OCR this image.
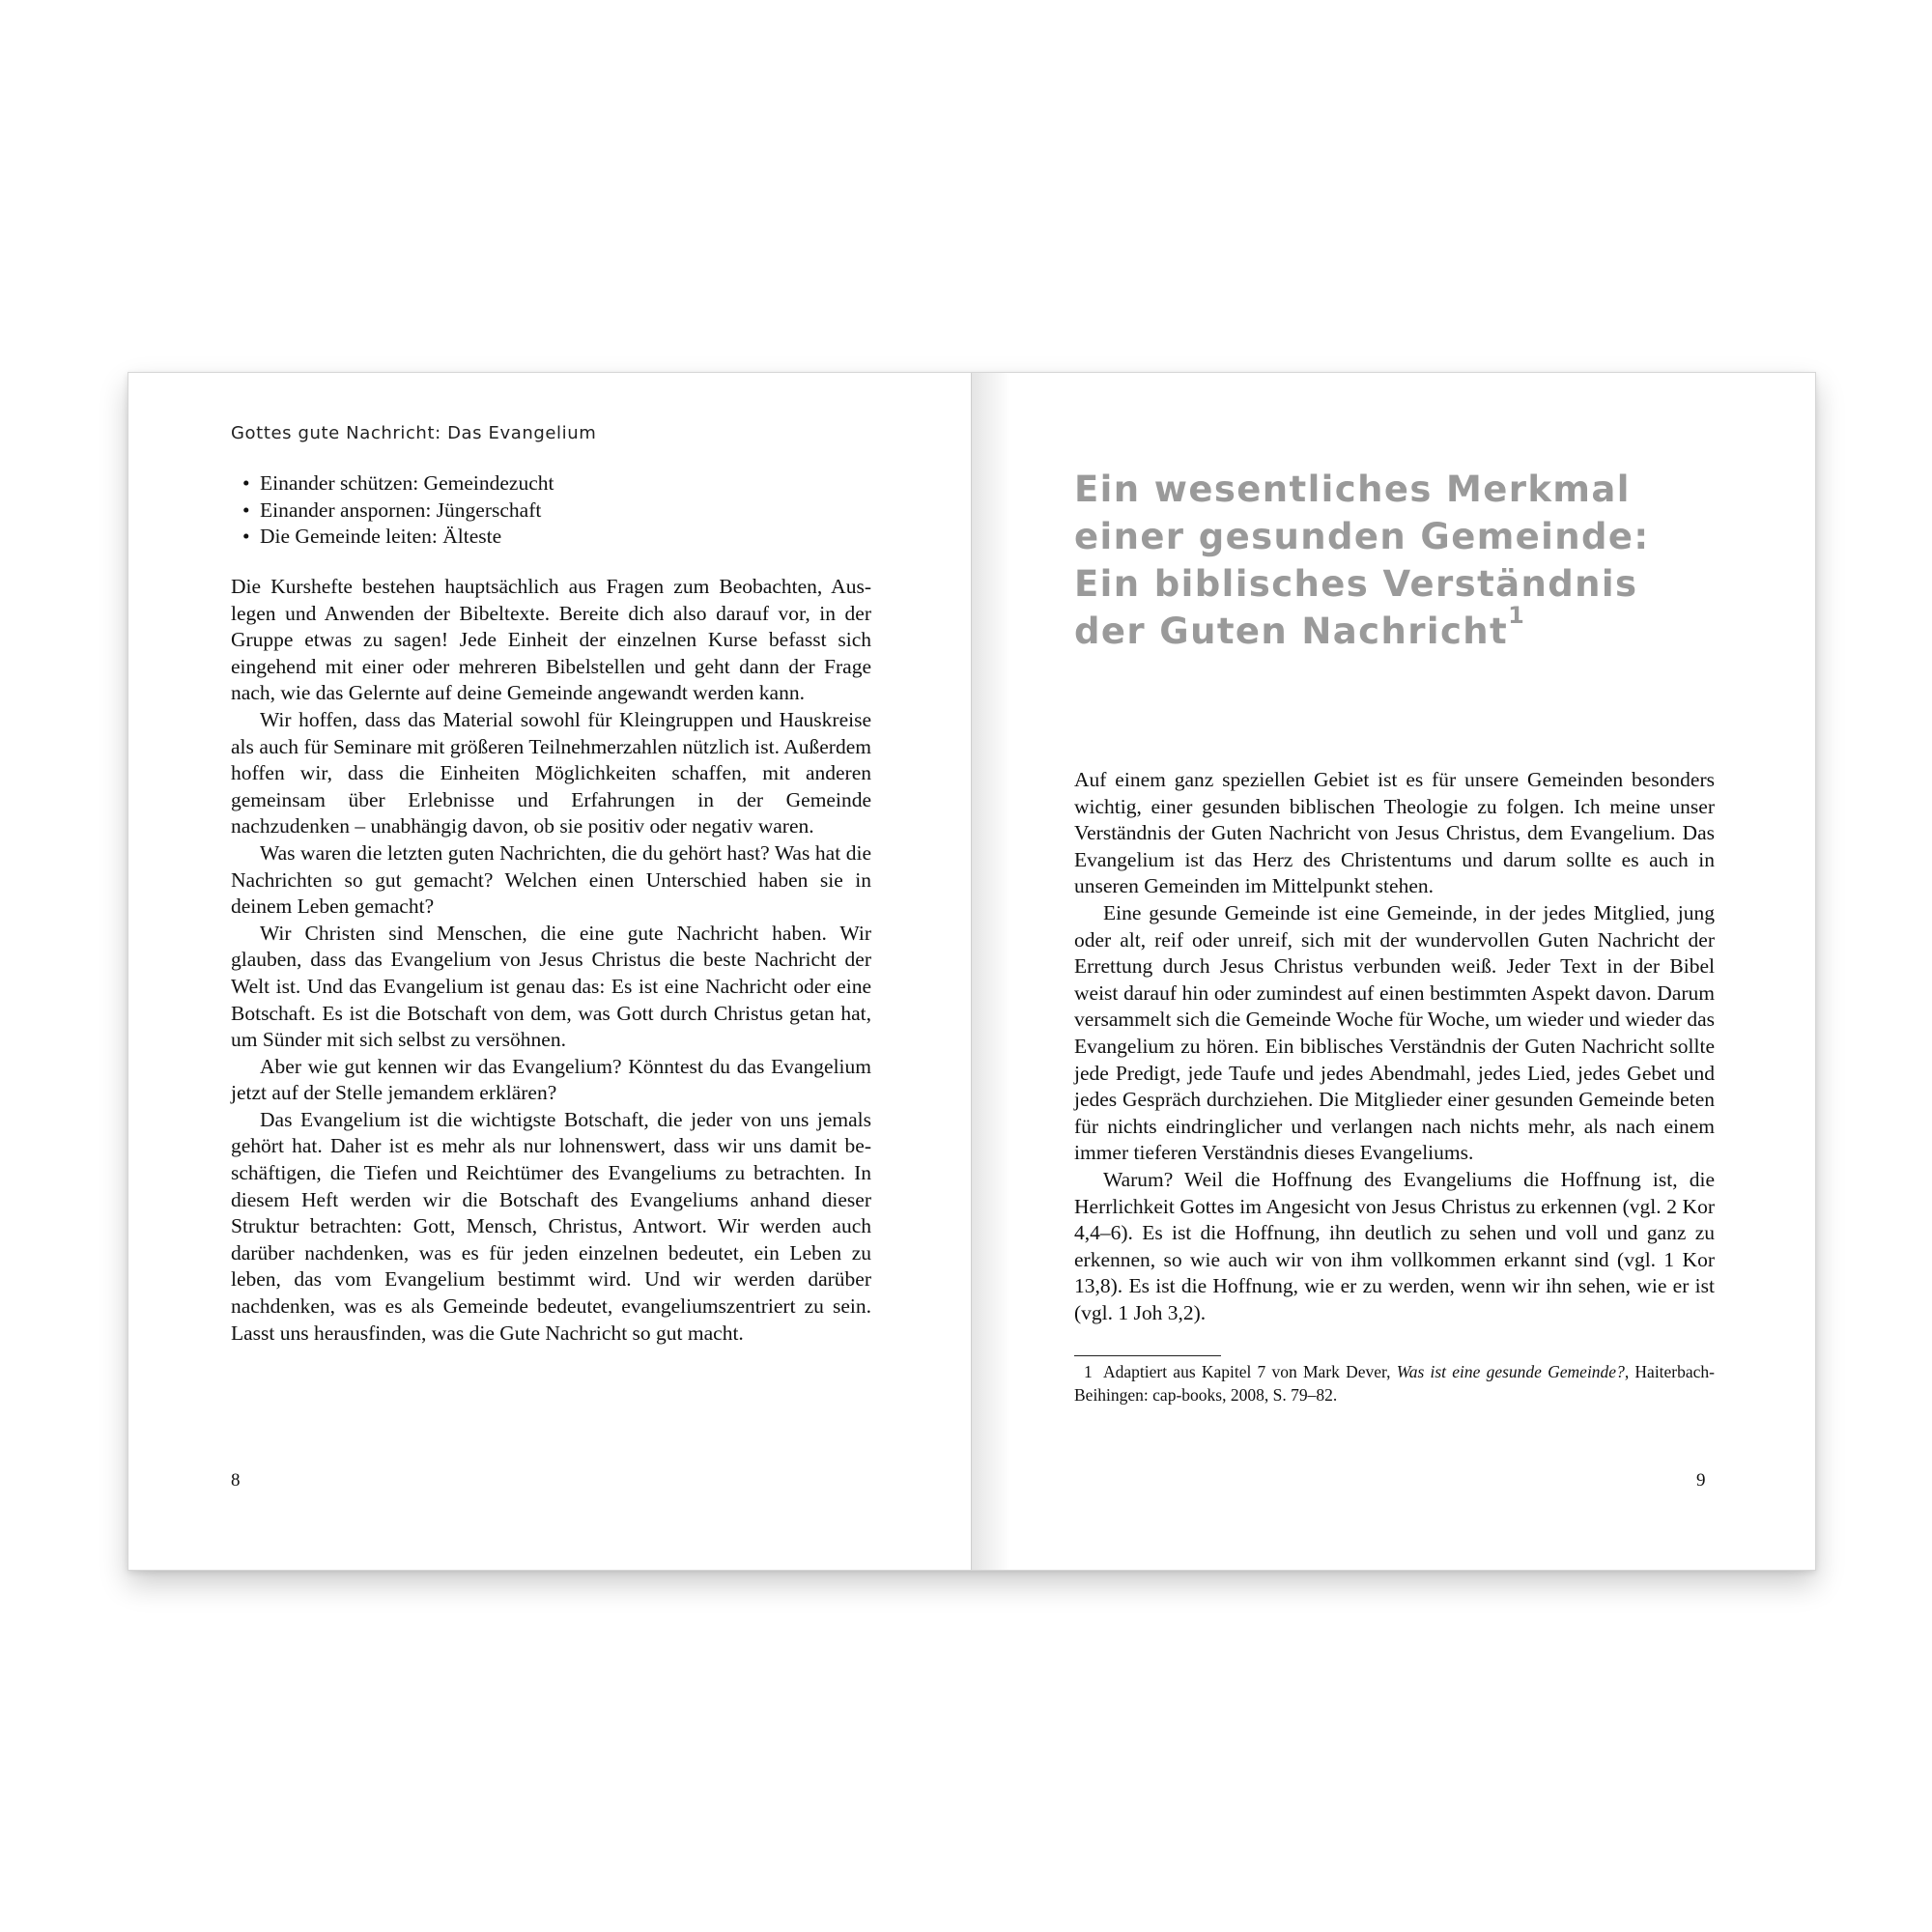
Gottes gute Nachricht: Das Evangelium
• Einander schützen: Gemeindezucht
• Einander anspornen: Jüngerschaft
• Die Gemeinde leiten: Älteste

Die Kurshefte bestehen hauptsächlich aus Fragen zum Beobachten, Auslegen und Anwenden der Bibeltexte. Bereite dich also darauf vor, in der Gruppe etwas zu sagen! Jede Einheit der einzelnen Kurse befasst sich eingehend mit einer oder mehreren Bibelstellen und geht dann der Frage nach, wie das Gelernte auf deine Gemeinde angewandt werden kann.

Wir hoffen, dass das Material sowohl für Kleingruppen und Hauskreise als auch für Seminare mit größeren Teilnehmerzahlen nützlich ist. Außerdem hoffen wir, dass die Einheiten Möglichkeiten schaffen, mit anderen gemeinsam über Erlebnisse und Erfahrungen in der Gemeinde nachzudenken – unabhängig davon, ob sie positiv oder negativ waren.

Was waren die letzten guten Nachrichten, die du gehört hast? Was hat die Nachrichten so gut gemacht? Welchen einen Unterschied haben sie in deinem Leben gemacht?

Wir Christen sind Menschen, die eine gute Nachricht haben. Wir glauben, dass das Evangelium von Jesus Christus die beste Nachricht der Welt ist. Und das Evangelium ist genau das: Es ist eine Nachricht oder eine Botschaft. Es ist die Botschaft von dem, was Gott durch Christus getan hat, um Sünder mit sich selbst zu versöhnen.

Aber wie gut kennen wir das Evangelium? Könntest du das Evangelium jetzt auf der Stelle jemandem erklären?

Das Evangelium ist die wichtigste Botschaft, die jeder von uns jemals gehört hat. Daher ist es mehr als nur lohnenswert, dass wir uns damit beschäftigen, die Tiefen und Reichtümer des Evangeliums zu betrachten. In diesem Heft werden wir die Botschaft des Evangeliums anhand dieser Struktur betrachten: Gott, Mensch, Christus, Antwort. Wir werden auch darüber nachdenken, was es für jeden einzelnen bedeutet, ein Leben zu leben, das vom Evangelium bestimmt wird. Und wir werden darüber nachdenken, was es als Gemeinde bedeutet, evangeliumszentriert zu sein. Lasst uns herausfinden, was die Gute Nachricht so gut macht.

8
Ein wesentliches Merkmal
einer gesunden Gemeinde:
Ein biblisches Verständnis
der Guten Nachricht$^1$

Auf einem ganz speziellen Gebiet ist es für unsere Gemeinden besonders wichtig, einer gesunden biblischen Theologie zu folgen. Ich meine unser Verständnis der Guten Nachricht von Jesus Christus, dem Evangelium. Das Evangelium ist das Herz des Christentums und darum sollte es auch in unseren Gemeinden im Mittelpunkt stehen.

Eine gesunde Gemeinde ist eine Gemeinde, in der jedes Mitglied, jung oder alt, reif oder unreif, sich mit der wundervollen Guten Nachricht der Errettung durch Jesus Christus verbunden weiß. Jeder Text in der Bibel weist darauf hin oder zumindest auf einen bestimmten Aspekt davon. Darum versammelt sich die Gemeinde Woche für Woche, um wieder und wieder das Evangelium zu hören. Ein biblisches Verständnis der Guten Nachricht sollte jede Predigt, jede Taufe und jedes Abendmahl, jedes Lied, jedes Gebet und jedes Gespräch durchziehen. Die Mitglieder einer gesunden Gemeinde beten für nichts eindringlicher und verlangen nach nichts mehr, als nach einem immer tieferen Verständnis dieses Evangeliums.

Warum? Weil die Hoffnung des Evangeliums die Hoffnung ist, die Herrlichkeit Gottes im Angesicht von Jesus Christus zu erkennen (vgl. 2 Kor 4,4–6). Es ist die Hoffnung, ihn deutlich zu sehen und voll und ganz zu erkennen, so wie auch wir von ihm vollkommen erkannt sind (vgl. 1 Kor 13,8). Es ist die Hoffnung, wie er zu werden, wenn wir ihn sehen, wie er ist (vgl. 1 Joh 3,2).

1 Adaptiert aus Kapitel 7 von Mark Dever, Was ist eine gesunde Gemeinde?, Haiterbach-Beihingen: cap-books, 2008, S. 79–82.
9
